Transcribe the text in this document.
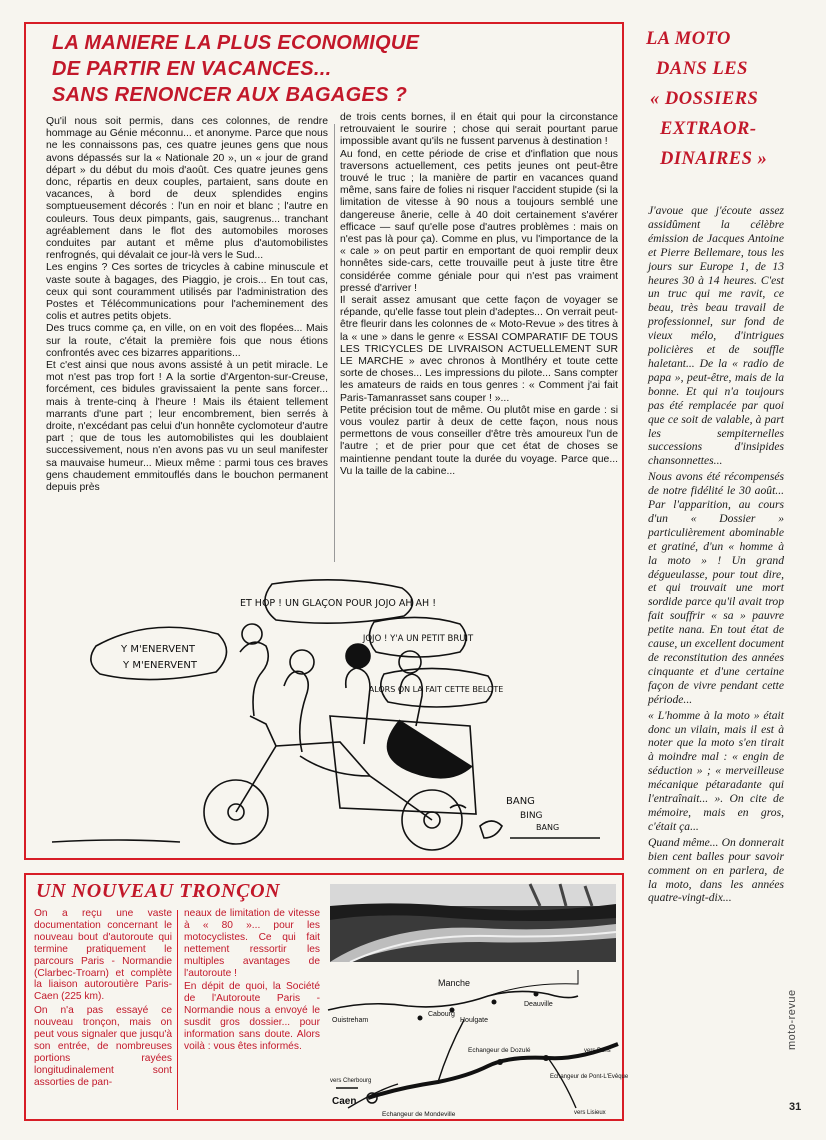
LA MANIERE LA PLUS ECONOMIQUE
DE PARTIR EN VACANCES...
SANS RENONCER AUX BAGAGES ?

Qu'il nous soit permis, dans ces colonnes, de rendre hommage au Génie méconnu... et anonyme. Parce que nous ne les connaissons pas, ces quatre jeunes gens que nous avons dépassés sur la « Nationale 20 », un « jour de grand départ » du début du mois d'août. Ces quatre jeunes gens donc, répartis en deux couples, partaient, sans doute en vacances, à bord de deux splendides engins somptueusement décorés : l'un en noir et blanc ; l'autre en couleurs. Tous deux pimpants, gais, saugrenus... tranchant agréablement dans le flot des automobiles moroses conduites par autant et même plus d'automobilistes renfrognés, qui dévalait ce jour-là vers le Sud...

Les engins ? Ces sortes de tricycles à cabine minuscule et vaste soute à bagages, des Piaggio, je crois... En tout cas, ceux qui sont couramment utilisés par l'administration des Postes et Télécommunications pour l'acheminement des colis et autres petits objets.

Des trucs comme ça, en ville, on en voit des flopées... Mais sur la route, c'était la première fois que nous étions confrontés avec ces bizarres apparitions...

Et c'est ainsi que nous avons assisté à un petit miracle. Le mot n'est pas trop fort ! A la sortie d'Argenton-sur-Creuse, forcément, ces bidules gravissaient la pente sans forcer... mais à trente-cinq à l'heure ! Mais ils étaient tellement marrants d'une part ; leur encombrement, bien serrés à droite, n'excédant pas celui d'un honnête cyclomoteur d'autre part ; que de tous les automobilistes qui les doublaient successivement, nous n'en avons pas vu un seul manifester sa mauvaise humeur... Mieux même : parmi tous ces braves gens chaudement emmitouflés dans le bouchon permanent depuis près

de trois cents bornes, il en était qui pour la circonstance retrouvaient le sourire ; chose qui serait pourtant parue impossible avant qu'ils ne fussent parvenus à destination !

Au fond, en cette période de crise et d'inflation que nous traversons actuellement, ces petits jeunes ont peut-être trouvé le truc ; la manière de partir en vacances quand même, sans faire de folies ni risquer l'accident stupide (si la limitation de vitesse à 90 nous a toujours semblé une dangereuse ânerie, celle à 40 doit certainement s'avérer efficace — sauf qu'elle pose d'autres problèmes : mais on n'est pas là pour ça). Comme en plus, vu l'importance de la « cale » on peut partir en emportant de quoi remplir deux honnêtes side-cars, cette trouvaille peut à juste titre être considérée comme géniale pour qui n'est pas vraiment pressé d'arriver !

Il serait assez amusant que cette façon de voyager se répande, qu'elle fasse tout plein d'adeptes... On verrait peut-être fleurir dans les colonnes de « Moto-Revue » des titres à la « une » dans le genre « ESSAI COMPARATIF DE TOUS LES TRICYCLES DE LIVRAISON ACTUELLEMENT SUR LE MARCHE » avec chronos à Montlhéry et toute cette sorte de choses... Les impressions du pilote... Sans compter les amateurs de raids en tous genres : « Comment j'ai fait Paris-Tamanrasset sans couper ! »...

Petite précision tout de même. Ou plutôt mise en garde : si vous voulez partir à deux de cette façon, nous nous permettons de vous conseiller d'être très amoureux l'un de l'autre ; et de prier pour que cet état de choses se maintienne pendant toute la durée du voyage. Parce que... Vu la taille de la cabine...

ET HOP ! UN GLAÇON POUR JOJO AH AH !
JOJO ! Y'A UN PETIT BRUIT
ALORS ON LA FAIT CETTE BELOTE
Y M'ENERVENT
Y M'ENERVENT
BANG
BING
BANG
LA MOTO
DANS LES
« DOSSIERS
EXTRAOR-
DINAIRES »

J'avoue que j'écoute assez assidûment la célèbre émission de Jacques Antoine et Pierre Bellemare, tous les jours sur Europe 1, de 13 heures 30 à 14 heures. C'est un truc qui me ravit, ce beau, très beau travail de professionnel, sur fond de vieux mélo, d'intrigues policières et de souffle haletant... De la « radio de papa », peut-être, mais de la bonne. Et qui n'a toujours pas été remplacée par quoi que ce soit de valable, à part les sempiternelles successions d'insipides chansonnettes...

Nous avons été récompensés de notre fidélité le 30 août... Par l'apparition, au cours d'un « Dossier » particulièrement abominable et gratiné, d'un « homme à la moto » ! Un grand dégueulasse, pour tout dire, et qui trouvait une mort sordide parce qu'il avait trop fait souffrir « sa » pauvre petite nana. En tout état de cause, un excellent document de reconstitution des années cinquante et d'une certaine façon de vivre pendant cette période...

« L'homme à la moto » était donc un vilain, mais il est à noter que la moto s'en tirait à moindre mal : « engin de séduction » ; « merveilleuse mécanique pétaradante qui l'entraînait... ». On cite de mémoire, mais en gros, c'était ça...

Quand même... On donnerait bien cent balles pour savoir comment on en parlera, de la moto, dans les années quatre-vingt-dix...

UN NOUVEAU TRONÇON

On a reçu une vaste documentation concernant le nouveau bout d'autoroute qui termine pratiquement le parcours Paris - Normandie (Clarbec-Troarn) et complète la liaison autoroutière Paris-Caen (225 km).

On n'a pas essayé ce nouveau tronçon, mais on peut vous signaler que jusqu'à son entrée, de nombreuses portions rayées longitudinalement sont assorties de pan-

neaux de limitation de vitesse à « 80 »... pour les motocyclistes. Ce qui fait nettement ressortir les multiples avantages de l'autoroute !

En dépit de quoi, la Société de l'Autoroute Paris - Normandie nous a envoyé le susdit gros dossier... pour information sans doute. Alors voilà : vous êtes informés.

Manche
Ouistreham
Cabourg
Houlgate
Deauville
Echangeur de Dozulé
Echangeur de Pont-L'Evêque
vers Paris
vers Cherbourg
Caen
Echangeur de Mondeville	vers Lisieux
moto-revue
31
